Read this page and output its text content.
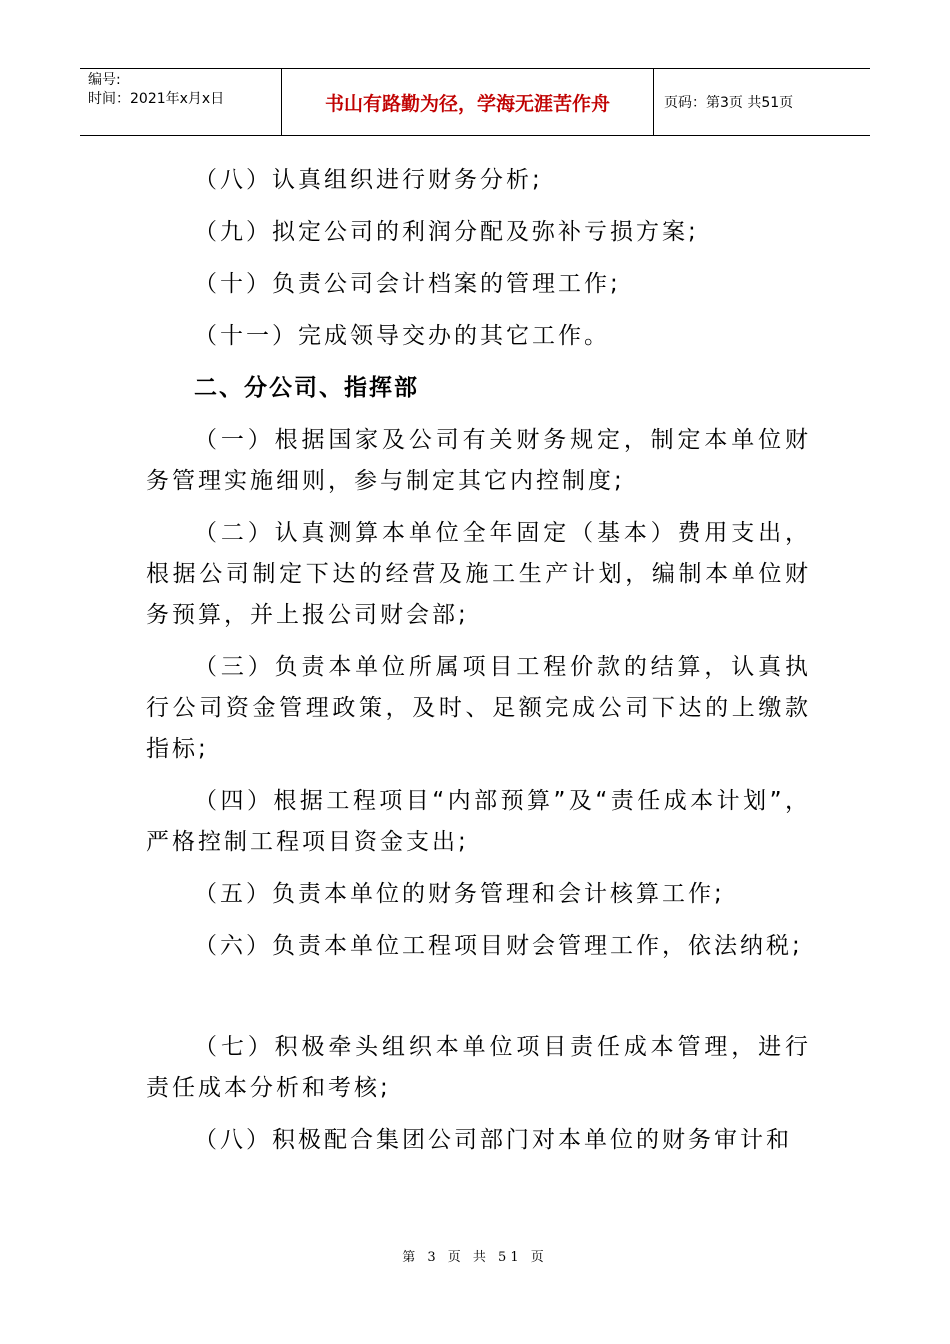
编号:
时间：2021年x月x日	书山有路勤为径，学海无涯苦作舟	页码：第3页 共51页

（八）认真组织进行财务分析;

（九）拟定公司的利润分配及弥补亏损方案;

（十）负责公司会计档案的管理工作;

（十一）完成领导交办的其它工作。

二、分公司、指挥部

（一）根据国家及公司有关财务规定，制定本单位财务管理实施细则，参与制定其它内控制度;

（二）认真测算本单位全年固定（基本）费用支出，根据公司制定下达的经营及施工生产计划，编制本单位财务预算，并上报公司财会部;

（三）负责本单位所属项目工程价款的结算，认真执行公司资金管理政策，及时、足额完成公司下达的上缴款指标;

（四）根据工程项目“内部预算”及“责任成本计划”，严格控制工程项目资金支出;

（五）负责本单位的财务管理和会计核算工作;

（六）负责本单位工程项目财会管理工作，依法纳税;

（七）积极牵头组织本单位项目责任成本管理，进行责任成本分析和考核;

（八）积极配合集团公司部门对本单位的财务审计和

第 3 页 共 51 页
